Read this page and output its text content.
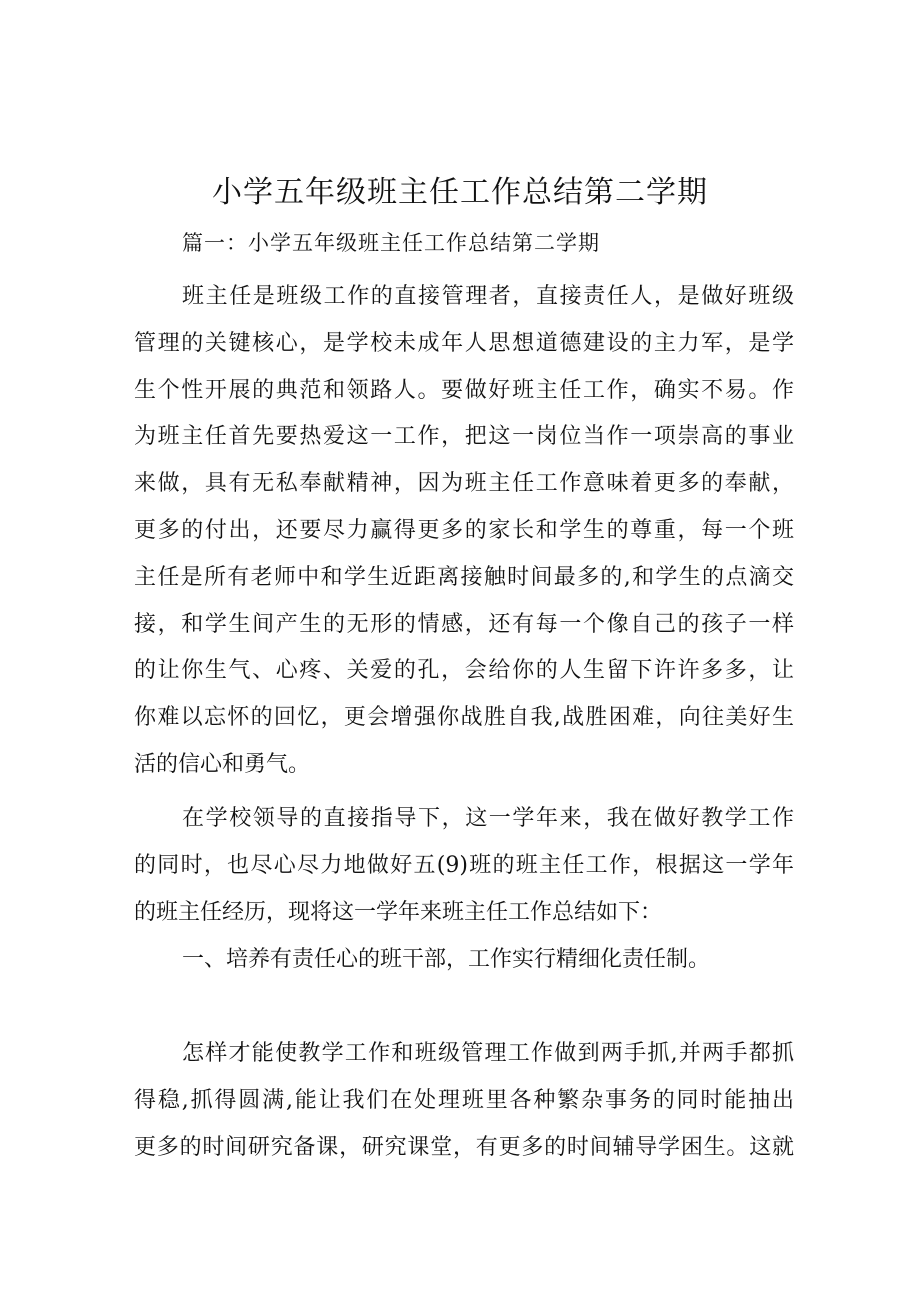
小学五年级班主任工作总结第二学期

篇一：小学五年级班主任工作总结第二学期

班主任是班级工作的直接管理者，直接责任人，是做好班级
管理的关键核心，是学校未成年人思想道德建设的主力军，是学
生个性开展的典范和领路人。要做好班主任工作，确实不易。作
为班主任首先要热爱这一工作，把这一岗位当作一项崇高的事业
来做，具有无私奉献精神，因为班主任工作意味着更多的奉献，
更多的付出，还要尽力赢得更多的家长和学生的尊重，每一个班
主任是所有老师中和学生近距离接触时间最多的,和学生的点滴交
接，和学生间产生的无形的情感，还有每一个像自己的孩子一样
的让你生气、心疼、关爱的孔，会给你的人生留下许许多多，让
你难以忘怀的回忆，更会增强你战胜自我,战胜困难，向往美好生
活的信心和勇气。
在学校领导的直接指导下，这一学年来，我在做好教学工作
的同时，也尽心尽力地做好五(9)班的班主任工作，根据这一学年
的班主任经历，现将这一学年来班主任工作总结如下：
一、培养有责任心的班干部，工作实行精细化责任制。
怎样才能使教学工作和班级管理工作做到两手抓,并两手都抓
得稳,抓得圆满,能让我们在处理班里各种繁杂事务的同时能抽出
更多的时间研究备课，研究课堂，有更多的时间辅导学困生。这就
